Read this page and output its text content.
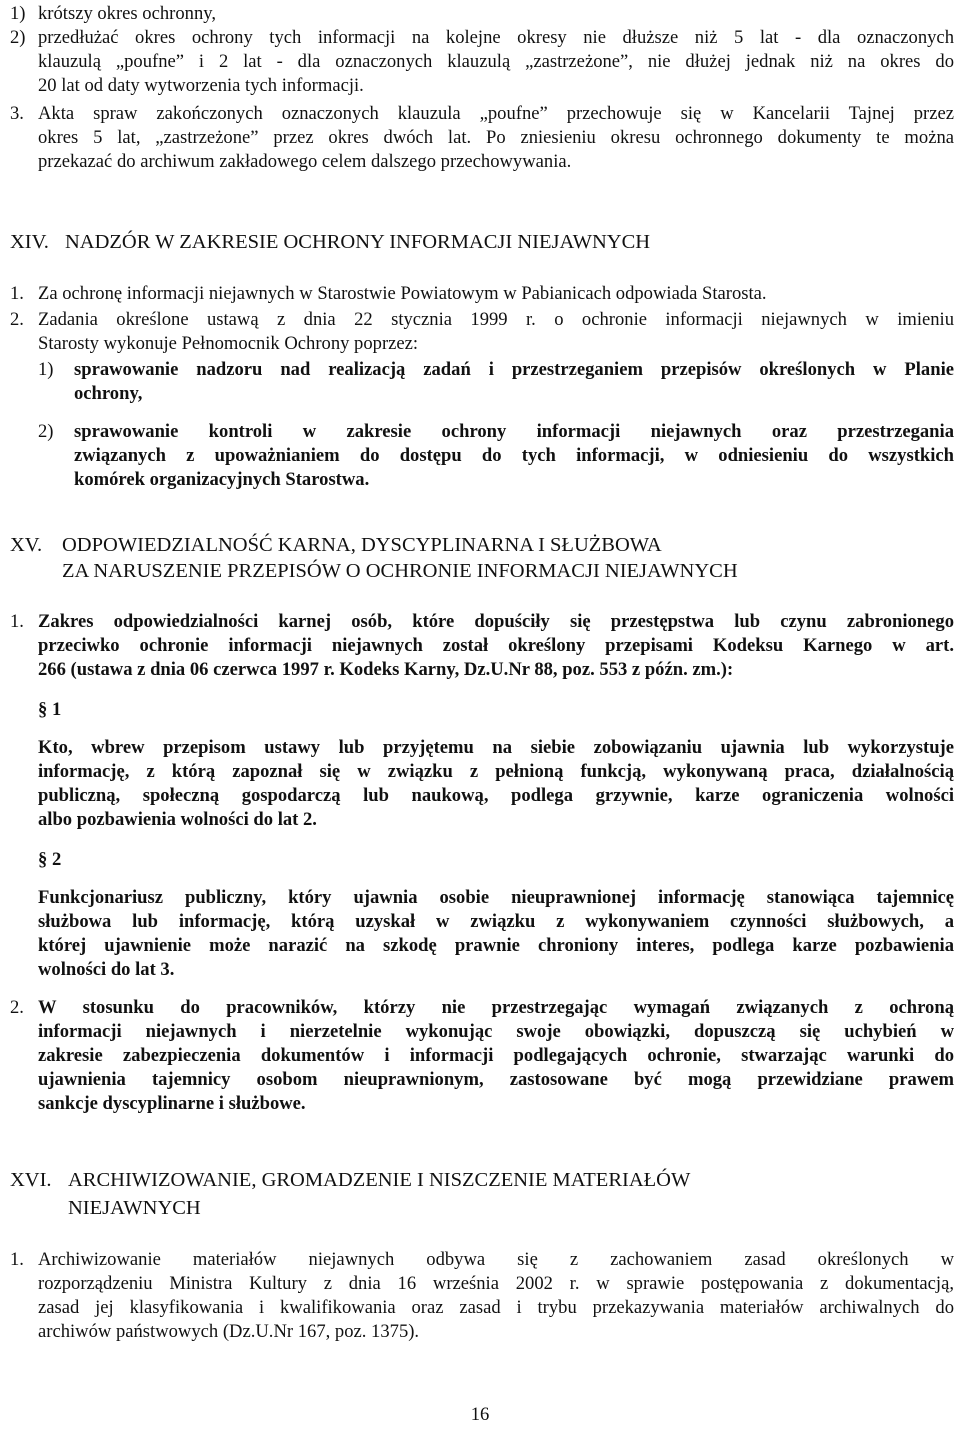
1) krótszy okres ochronny,
2) przedłużać okres ochrony tych informacji na kolejne okresy nie dłuższe niż 5 lat - dla oznaczonych
klauzulą „poufne” i 2 lat - dla oznaczonych klauzulą „zastrzeżone”, nie dłużej jednak niż na okres do
20 lat od daty wytworzenia tych informacji.
3. Akta spraw zakończonych oznaczonych klauzula „poufne” przechowuje się w Kancelarii Tajnej przez
okres 5 lat, „zastrzeżone” przez okres dwóch lat. Po zniesieniu okresu ochronnego dokumenty te można
przekazać do archiwum zakładowego celem dalszego przechowywania.
XIV. NADZÓR W ZAKRESIE OCHRONY INFORMACJI NIEJAWNYCH
1. Za ochronę informacji niejawnych w Starostwie Powiatowym w Pabianicach odpowiada Starosta.
2. Zadania określone ustawą z dnia 22 stycznia 1999 r. o ochronie informacji niejawnych w imieniu
Starosty wykonuje Pełnomocnik Ochrony poprzez:
1) sprawowanie nadzoru nad realizacją zadań i przestrzeganiem przepisów określonych w Planie
ochrony,
2) sprawowanie kontroli w zakresie ochrony informacji niejawnych oraz przestrzegania
związanych z upoważnianiem do dostępu do tych informacji, w odniesieniu do wszystkich
komórek organizacyjnych Starostwa.
XV. ODPOWIEDZIALNOŚĆ KARNA, DYSCYPLINARNA I SŁUŻBOWA
ZA NARUSZENIE PRZEPISÓW O OCHRONIE INFORMACJI NIEJAWNYCH
1. Zakres odpowiedzialności karnej osób, które dopuściły się przestępstwa lub czynu zabronionego
przeciwko ochronie informacji niejawnych został określony przepisami Kodeksu Karnego w art.
266 (ustawa z dnia 06 czerwca 1997 r. Kodeks Karny, Dz.U.Nr 88, poz. 553 z późn. zm.):
§ 1
Kto, wbrew przepisom ustawy lub przyjętemu na siebie zobowiązaniu ujawnia lub wykorzystuje
informację, z którą zapoznał się w związku z pełnioną funkcją, wykonywaną praca, działalnością
publiczną, społeczną gospodarczą lub naukową, podlega grzywnie, karze ograniczenia wolności
albo pozbawienia wolności do lat 2.
§ 2
Funkcjonariusz publiczny, który ujawnia osobie nieuprawnionej informację stanowiąca tajemnicę
służbowa lub informację, którą uzyskał w związku z wykonywaniem czynności służbowych, a
której ujawnienie może narazić na szkodę prawnie chroniony interes, podlega karze pozbawienia
wolności do lat 3.
2. W stosunku do pracowników, którzy nie przestrzegając wymagań związanych z ochroną
informacji niejawnych i nierzetelnie wykonując swoje obowiązki, dopuszczą się uchybień w
zakresie zabezpieczenia dokumentów i informacji podlegających ochronie, stwarzając warunki do
ujawnienia tajemnicy osobom nieuprawnionym, zastosowane być mogą przewidziane prawem
sankcje dyscyplinarne i służbowe.
XVI. ARCHIWIZOWANIE, GROMADZENIE I NISZCZENIE MATERIAŁÓW
NIEJAWNYCH
1. Archiwizowanie materiałów niejawnych odbywa się z zachowaniem zasad określonych w
rozporządzeniu Ministra Kultury z dnia 16 września 2002 r. w sprawie postępowania z dokumentacją,
zasad jej klasyfikowania i kwalifikowania oraz zasad i trybu przekazywania materiałów archiwalnych do
archiwów państwowych (Dz.U.Nr 167, poz. 1375).
16
